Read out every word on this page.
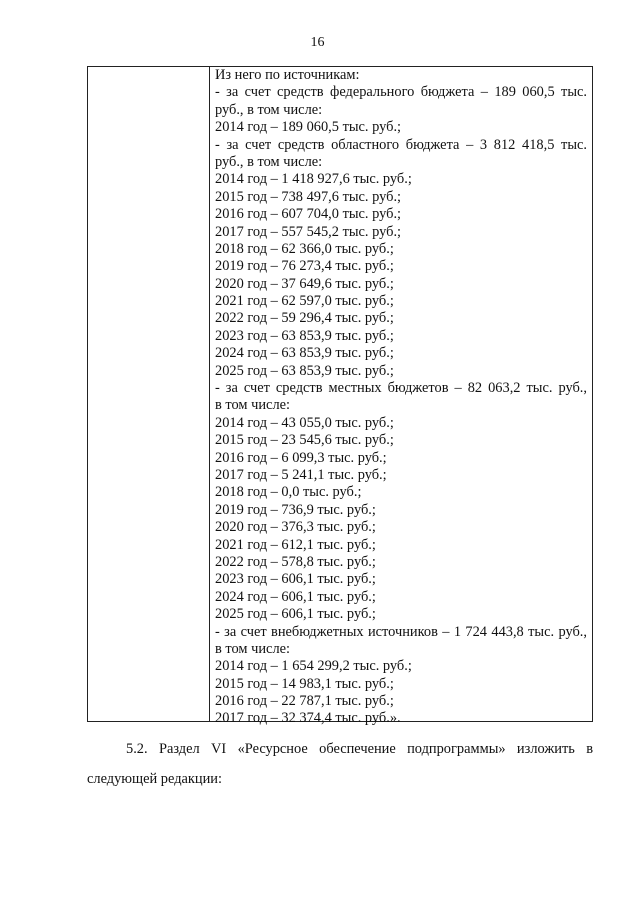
16
Из него по источникам:
- за счет средств федерального бюджета – 189 060,5 тыс.
руб., в том числе:
2014 год – 189 060,5 тыс. руб.;
- за счет средств областного бюджета – 3 812 418,5 тыс.
руб., в том числе:
2014 год – 1 418 927,6 тыс. руб.;
2015 год – 738 497,6 тыс. руб.;
2016 год – 607 704,0 тыс. руб.;
2017 год – 557 545,2 тыс. руб.;
2018 год – 62 366,0 тыс. руб.;
2019 год – 76 273,4 тыс. руб.;
2020 год – 37 649,6 тыс. руб.;
2021 год – 62 597,0 тыс. руб.;
2022 год – 59 296,4 тыс. руб.;
2023 год – 63 853,9 тыс. руб.;
2024 год – 63 853,9 тыс. руб.;
2025 год – 63 853,9 тыс. руб.;
- за счет средств местных бюджетов – 82 063,2 тыс. руб.,
в том числе:
2014 год – 43 055,0 тыс. руб.;
2015 год – 23 545,6 тыс. руб.;
2016 год – 6 099,3 тыс. руб.;
2017 год – 5 241,1 тыс. руб.;
2018 год – 0,0 тыс. руб.;
2019 год – 736,9 тыс. руб.;
2020 год – 376,3 тыс. руб.;
2021 год – 612,1 тыс. руб.;
2022 год – 578,8 тыс. руб.;
2023 год – 606,1 тыс. руб.;
2024 год – 606,1 тыс. руб.;
2025 год – 606,1 тыс. руб.;
- за счет внебюджетных источников – 1 724 443,8 тыс. руб.,
в том числе:
2014 год – 1 654 299,2 тыс. руб.;
2015 год – 14 983,1 тыс. руб.;
2016 год – 22 787,1 тыс. руб.;
2017 год – 32 374,4 тыс. руб.».
5.2. Раздел VI «Ресурсное обеспечение подпрограммы» изложить в
следующей редакции:
